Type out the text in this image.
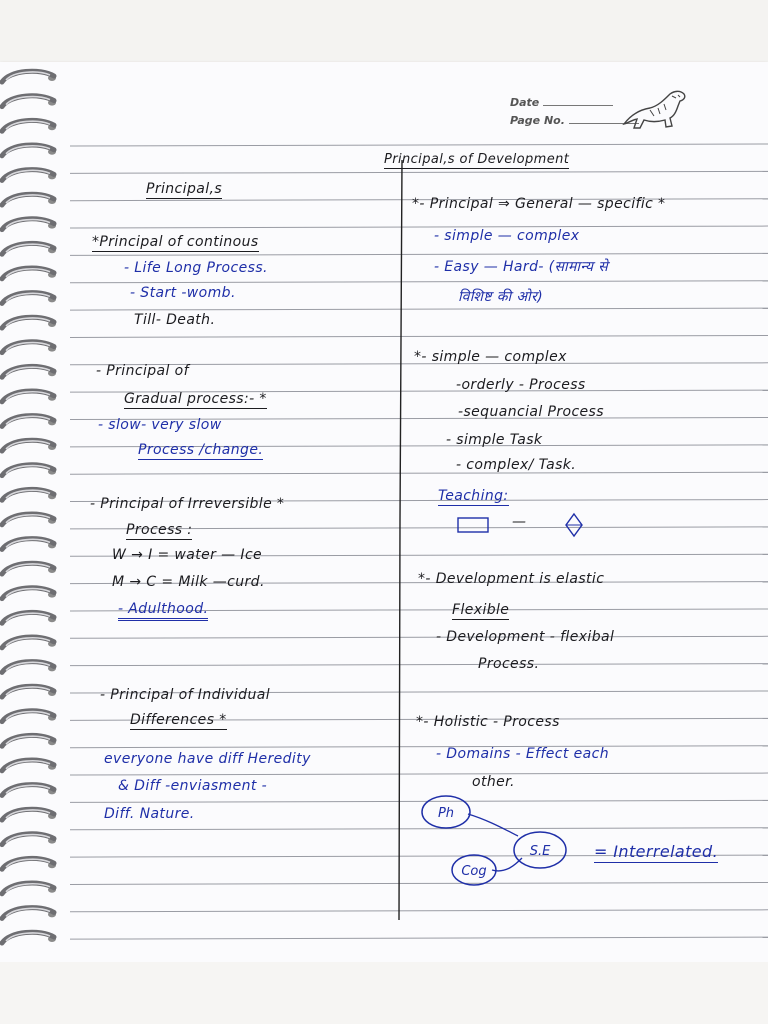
Date
Page No.
Principal,s of Development
Principal,s
*Principal of continous
- Life Long Process.
- Start -womb.
Till- Death.
- Principal of
Gradual process:- *
- slow- very slow
Process /change.
- Principal of Irreversible *
Process :
W → I = water — Ice
M → C = Milk —curd.
- Adulthood.
- Principal of Individual
Differences *
everyone have diff Heredity
& Diff -enviasment -
Diff. Nature.
*- Principal ⇒ General — specific *
- simple — complex
- Easy — Hard- (सामान्य से
विशिष्ट की ओर)
*- simple — complex
-orderly - Process
-sequancial Process
- simple Task
- complex/ Task.
Teaching:
—
*- Development is elastic
Flexible
- Development - flexibal
Process.
*- Holistic - Process
- Domains - Effect each
other.
Ph
S.E
Cog
= Interrelated.
